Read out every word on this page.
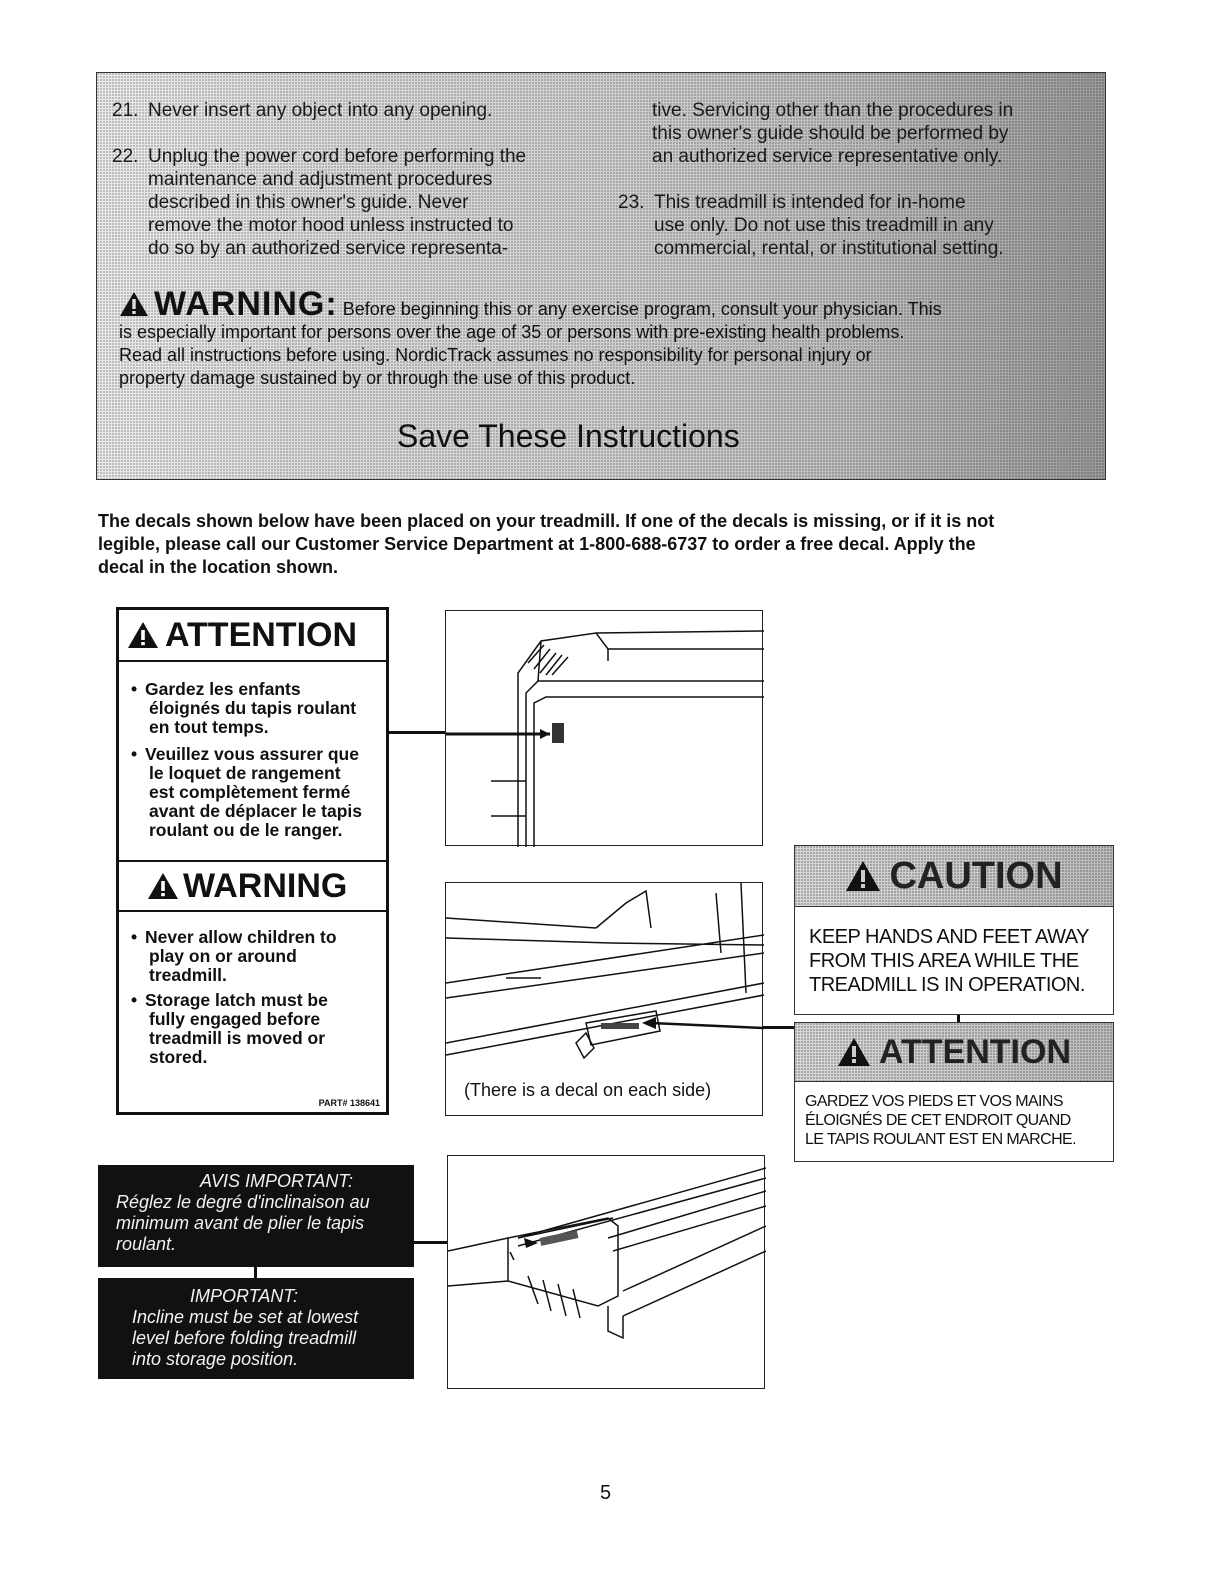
21. Never insert any object into any opening.
22. Unplug the power cord before performing the
maintenance and adjustment procedures
described in this owner's guide. Never
remove the motor hood unless instructed to
do so by an authorized service representa-
tive. Servicing other than the procedures in
this owner's guide should be performed by
an authorized service representative only.
23. This treadmill is intended for in-home
use only. Do not use this treadmill in any
commercial, rental, or institutional setting.
WARNING: Before beginning this or any exercise program, consult your physician. This
is especially important for persons over the age of 35 or persons with pre-existing health problems.
Read all instructions before using. NordicTrack assumes no responsibility for personal injury or
property damage sustained by or through the use of this product.
Save These Instructions
The decals shown below have been placed on your treadmill. If one of the decals is missing, or if it is not
legible, please call our Customer Service Department at 1-800-688-6737 to order a free decal. Apply the
decal in the location shown.
ATTENTION
• Gardez les enfants
éloignés du tapis roulant
en tout temps.
• Veuillez vous assurer que
le loquet de rangement
est complètement fermé
avant de déplacer le tapis
roulant ou de le ranger.
WARNING
• Never allow children to
play on or around
treadmill.
• Storage latch must be
fully engaged before
treadmill is moved or
stored.
PART# 138641
(There is a decal on each side)
CAUTION
KEEP HANDS AND FEET AWAY
FROM THIS AREA WHILE THE
TREADMILL IS IN OPERATION.
ATTENTION
GARDEZ VOS PIEDS ET VOS MAINS
ÉLOIGNÉS DE CET ENDROIT QUAND
LE TAPIS ROULANT EST EN MARCHE.
AVIS IMPORTANT:
Réglez le degré d'inclinaison au
minimum avant de plier le tapis
roulant.
IMPORTANT:
Incline must be set at lowest
level before folding treadmill
into storage position.
5
